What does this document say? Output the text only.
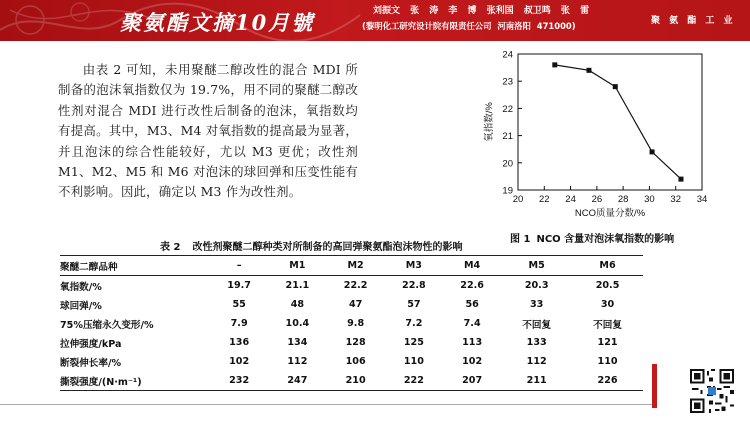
聚氨酯文摘10月號	刘振文 张 涛 李 博 张利国 叔卫鸣 张 雷
(黎明化工研究设计院有限责任公司 河南洛阳 471000)	聚 氨 酯 工 业
由表 2 可知，未用聚醚二醇改性的混合 MDI 所制备的泡沫氧指数仅为 19.7%，用不同的聚醚二醇改性剂对混合 MDI 进行改性后制备的泡沫，氧指数均有提高。其中，M3、M4 对氧指数的提高最为显著，并且泡沫的综合性能较好，尤以 M3 更优；改性剂 M1、M2、M5 和 M6 对泡沫的球回弹和压变性能有不利影响。因此，确定以 M3 作为改性剂。
20 22 24 26 28 30 32 34
19
20
21
22
23
24
NCO质量分数/%
氧指数/%
图 1 NCO 含量对泡沫氧指数的影响
聚醚二醇品种	–	M1	M2	M3	M4	M5	M6
氧指数/%	19.7	21.1	22.2	22.8	22.6	20.3	20.5
球回弹/%	55	48	47	57	56	33	30
75%压缩永久变形/%	7.9	10.4	9.8	7.2	7.4	不回复	不回复
拉伸强度/kPa	136	134	128	125	113	133	121
断裂伸长率/%	102	112	106	110	102	112	110
撕裂强度/(N·m⁻¹)	232	247	210	222	207	211	226
表 2 改性剂聚醚二醇种类对所制备的高回弹聚氨酯泡沫物性的影响
